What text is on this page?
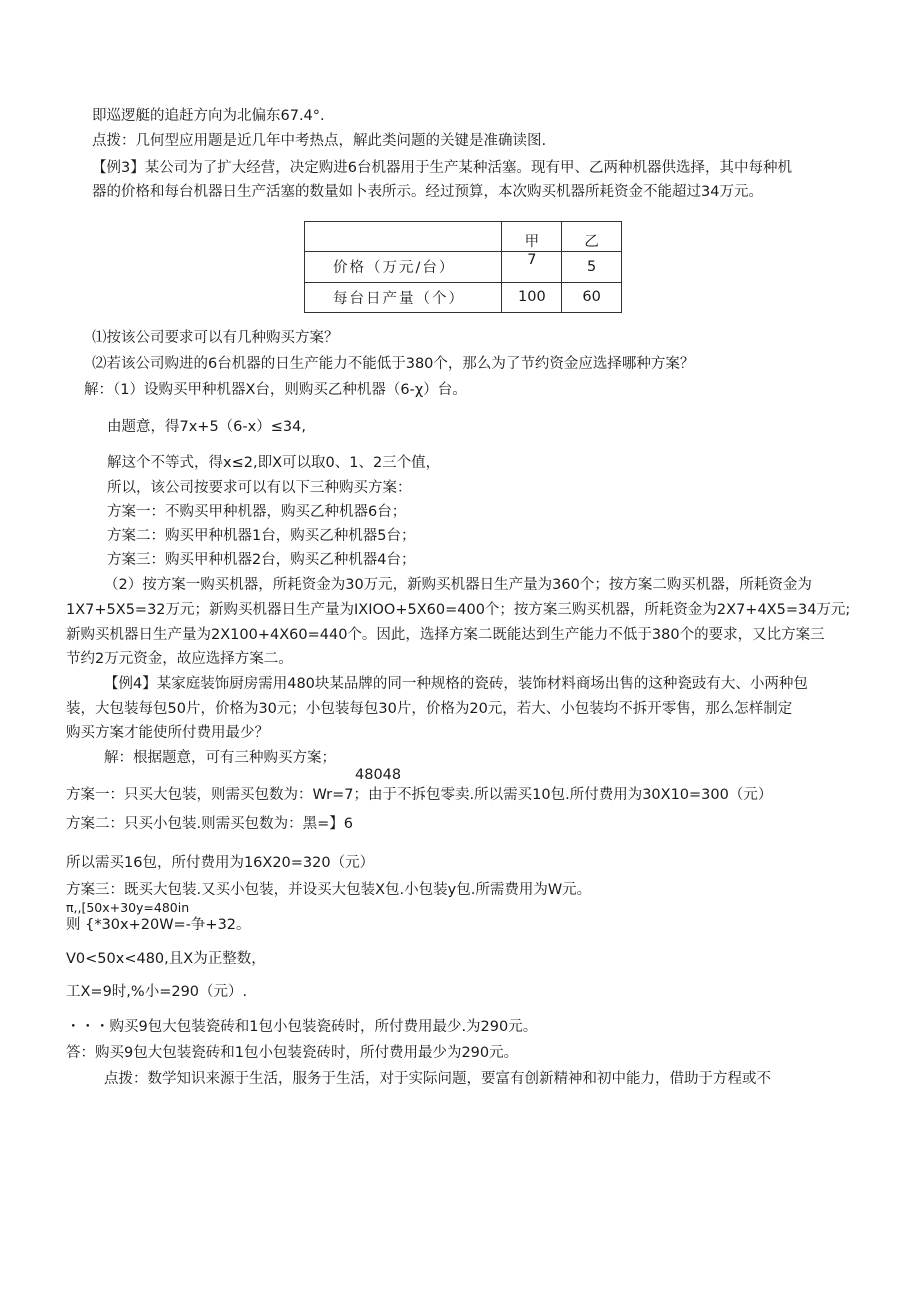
即巡逻艇的追赶方向为北偏东67.4°.
点拨：几何型应用题是近几年中考热点，解此类问题的关键是准确读图.
【例3】某公司为了扩大经营，决定购进6台机器用于生产某种活塞。现有甲、乙两种机器供选择，其中每种机
器的价格和每台机器日生产活塞的数量如卜表所示。经过预算，本次购买机器所耗资金不能超过34万元。
	甲	乙
价格（万元/台）	7	5
每台日产量（个）	100	60
⑴按该公司要求可以有几种购买方案？
⑵若该公司购进的6台机器的日生产能力不能低于380个，那么为了节约资金应选择哪种方案？
解：（1）设购买甲种机器X台，则购买乙种机器（6-χ）台。
由题意，得7x+5（6-x）≤34,
解这个不等式，得x≤2,即X可以取0、1、2三个值，
所以，该公司按要求可以有以下三种购买方案：
方案一：不购买甲种机器，购买乙种机器6台；
方案二：购买甲种机器1台，购买乙种机器5台；
方案三：购买甲种机器2台，购买乙种机器4台；
（2）按方案一购买机器，所耗资金为30万元，新购买机器日生产量为360个；按方案二购买机器，所耗资金为
1X7+5X5=32万元；新购买机器日生产量为IXIOO+5X60=400个；按方案三购买机器，所耗资金为2X7+4X5=34万元;
新购买机器日生产量为2X100+4X60=440个。因此，选择方案二既能达到生产能力不低于380个的要求，又比方案三
节约2万元资金，故应选择方案二。
【例4】某家庭装饰厨房需用480块某品牌的同一种规格的瓷砖，装饰材料商场出售的这种瓷豉有大、小两种包
装，大包装每包50片，价格为30元；小包装每包30片，价格为20元，若大、小包装均不拆开零售，那么怎样制定
购买方案才能使所付费用最少？
解：根据题意，可有三种购买方案；
48048
方案一：只买大包装，则需买包数为：Wr=7；由于不拆包零卖.所以需买10包.所付费用为30X10=300（元）
方案二：只买小包装.则需买包数为：黑=】6
所以需买16包，所付费用为16X20=320（元）
方案三：既买大包装.又买小包装，并设买大包装X包.小包装y包.所需费用为W元。
π,,[50x+30y=480in
则 {*30x+20W=-争+32。
V0<50x<480,且X为正整数，
工X=9时,%小=290（元）.
・・・购买9包大包装瓷砖和1包小包装瓷砖时，所付费用最少.为290元。
答：购买9包大包装瓷砖和1包小包装瓷砖时，所付费用最少为290元。
点拨：数学知识来源于生活，服务于生活，对于实际问题，要富有创新精神和初中能力，借助于方程或不
